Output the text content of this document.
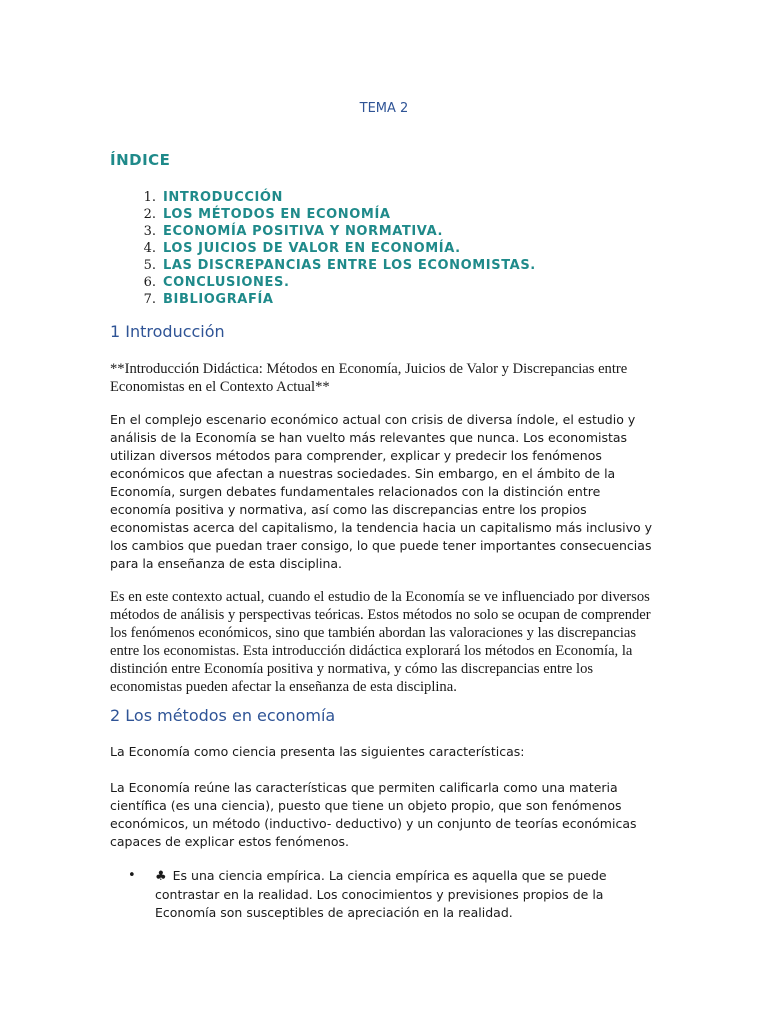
TEMA 2
ÍNDICE
1. INTRODUCCIÓN
2. LOS MÉTODOS EN ECONOMÍA
3. ECONOMÍA POSITIVA Y NORMATIVA.
4. LOS JUICIOS DE VALOR EN ECONOMÍA.
5. LAS DISCREPANCIAS ENTRE LOS ECONOMISTAS.
6. CONCLUSIONES.
7. BIBLIOGRAFÍA
1 Introducción
**Introducción Didáctica: Métodos en Economía, Juicios de Valor y Discrepancias entre Economistas en el Contexto Actual**
En el complejo escenario económico actual con crisis de diversa índole, el estudio y análisis de la Economía se han vuelto más relevantes que nunca. Los economistas utilizan diversos métodos para comprender, explicar y predecir los fenómenos económicos que afectan a nuestras sociedades. Sin embargo, en el ámbito de la Economía, surgen debates fundamentales relacionados con la distinción entre economía positiva y normativa, así como las discrepancias entre los propios economistas acerca del capitalismo, la tendencia hacia un capitalismo más inclusivo y los cambios que puedan traer consigo, lo que puede tener importantes consecuencias para la enseñanza de esta disciplina.
Es en este contexto actual, cuando el estudio de la Economía se ve influenciado por diversos métodos de análisis y perspectivas teóricas. Estos métodos no solo se ocupan de comprender los fenómenos económicos, sino que también abordan las valoraciones y las discrepancias entre los economistas. Esta introducción didáctica explorará los métodos en Economía, la distinción entre Economía positiva y normativa, y cómo las discrepancias entre los economistas pueden afectar la enseñanza de esta disciplina.
2 Los métodos en economía
La Economía como ciencia presenta las siguientes características:
La Economía reúne las características que permiten calificarla como una materia científica (es una ciencia), puesto que tiene un objeto propio, que son fenómenos económicos, un método (inductivo- deductivo) y un conjunto de teorías económicas capaces de explicar estos fenómenos.
• ♣ Es una ciencia empírica. La ciencia empírica es aquella que se puede contrastar en la realidad. Los conocimientos y previsiones propios de la Economía son susceptibles de apreciación en la realidad.
